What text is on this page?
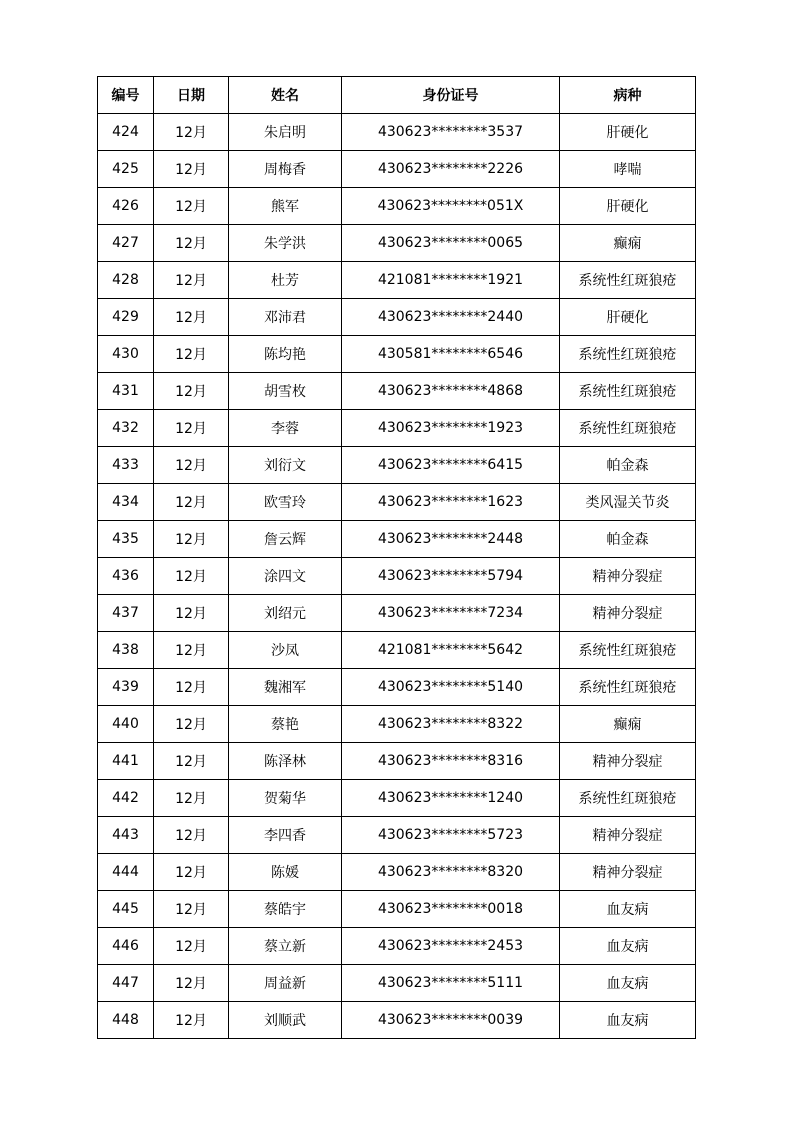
编号	日期	姓名	身份证号	病种
424	12月	朱启明	430623********3537	肝硬化
425	12月	周梅香	430623********2226	哮喘
426	12月	熊军	430623********051X	肝硬化
427	12月	朱学洪	430623********0065	癫痫
428	12月	杜芳	421081********1921	系统性红斑狼疮
429	12月	邓沛君	430623********2440	肝硬化
430	12月	陈均艳	430581********6546	系统性红斑狼疮
431	12月	胡雪枚	430623********4868	系统性红斑狼疮
432	12月	李蓉	430623********1923	系统性红斑狼疮
433	12月	刘衍文	430623********6415	帕金森
434	12月	欧雪玲	430623********1623	类风湿关节炎
435	12月	詹云辉	430623********2448	帕金森
436	12月	涂四文	430623********5794	精神分裂症
437	12月	刘绍元	430623********7234	精神分裂症
438	12月	沙凤	421081********5642	系统性红斑狼疮
439	12月	魏湘军	430623********5140	系统性红斑狼疮
440	12月	蔡艳	430623********8322	癫痫
441	12月	陈泽林	430623********8316	精神分裂症
442	12月	贺菊华	430623********1240	系统性红斑狼疮
443	12月	李四香	430623********5723	精神分裂症
444	12月	陈媛	430623********8320	精神分裂症
445	12月	蔡皓宇	430623********0018	血友病
446	12月	蔡立新	430623********2453	血友病
447	12月	周益新	430623********5111	血友病
448	12月	刘顺武	430623********0039	血友病
